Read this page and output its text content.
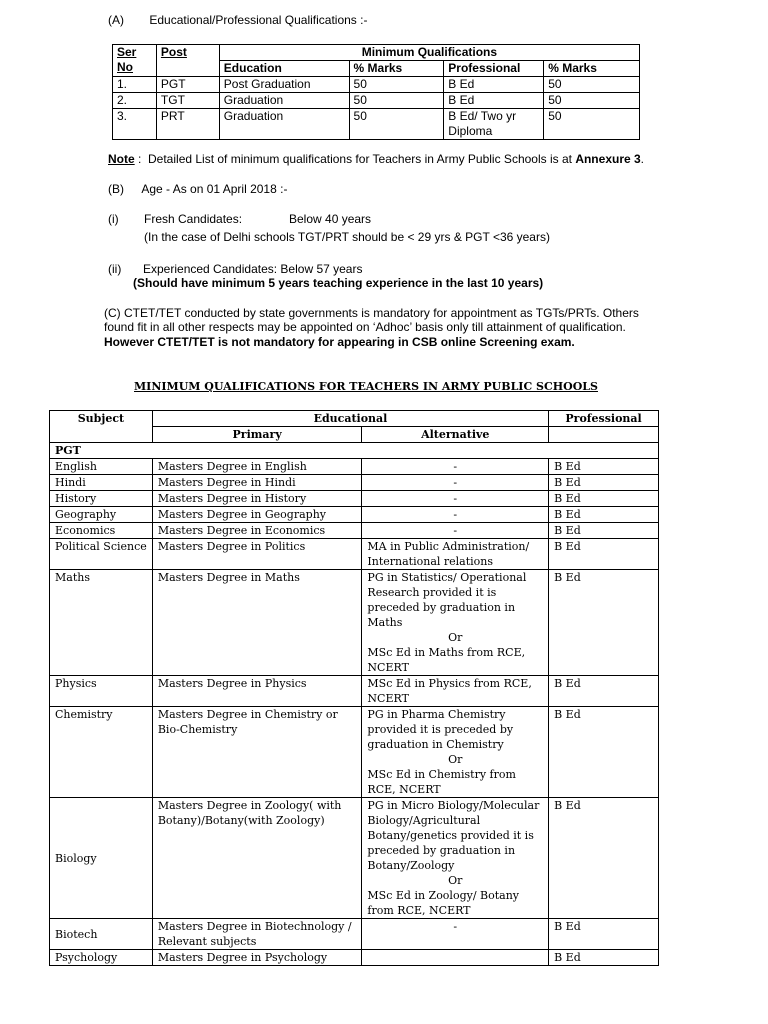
(A) Educational/Professional Qualifications :-
Ser No	Post	Minimum Qualifications			
		Education	% Marks	Professional	% Marks
1.	PGT	Post Graduation	50	B Ed	50
2.	TGT	Graduation	50	B Ed	50
3.	PRT	Graduation	50	B Ed/ Two yr Diploma	50
Note :  Detailed List of minimum qualifications for Teachers in Army Public Schools is at Annexure 3.
(B) Age - As on 01 April 2018 :-
(i) Fresh Candidates:	Below 40 years
(In the case of Delhi schools TGT/PRT should be < 29 yrs & PGT <36 years)
(ii) Experienced Candidates: Below 57 years
(Should have minimum 5 years teaching experience in the last 10 years)
(C) CTET/TET conducted by state governments is mandatory for appointment as TGTs/PRTs. Others
found fit in all other respects may be appointed on ‘Adhoc’ basis only till attainment of qualification.
However CTET/TET is not mandatory for appearing in CSB online Screening exam.
MINIMUM QUALIFICATIONS FOR TEACHERS IN ARMY PUBLIC SCHOOLS
Subject	Educational		Professional
	Primary	Alternative	
PGT			
English	Masters Degree in English	-	B Ed
Hindi	Masters Degree in Hindi	-	B Ed
History	Masters Degree in History	-	B Ed
Geography	Masters Degree in Geography	-	B Ed
Economics	Masters Degree in Economics	-	B Ed
Political Science	Masters Degree in Politics	MA in Public Administration/ International relations	B Ed
Maths	Masters Degree in Maths	PG in Statistics/ Operational Research provided it is preceded by graduation in Maths
Or
MSc Ed in Maths from RCE, NCERT	B Ed
Physics	Masters Degree in Physics	MSc Ed in Physics from RCE, NCERT	B Ed
Chemistry	Masters Degree in Chemistry or Bio-Chemistry	PG in Pharma Chemistry provided it is preceded by graduation in Chemistry
Or
MSc Ed in Chemistry from RCE, NCERT	B Ed
Biology	Masters Degree in Zoology( with Botany)/Botany(with Zoology)	PG in Micro Biology/Molecular Biology/Agricultural Botany/genetics provided it is preceded by graduation in Botany/Zoology
Or
MSc Ed in Zoology/ Botany from RCE, NCERT	B Ed
Biotech	Masters Degree in Biotechnology / Relevant subjects	-	B Ed
Psychology	Masters Degree in Psychology		B Ed
